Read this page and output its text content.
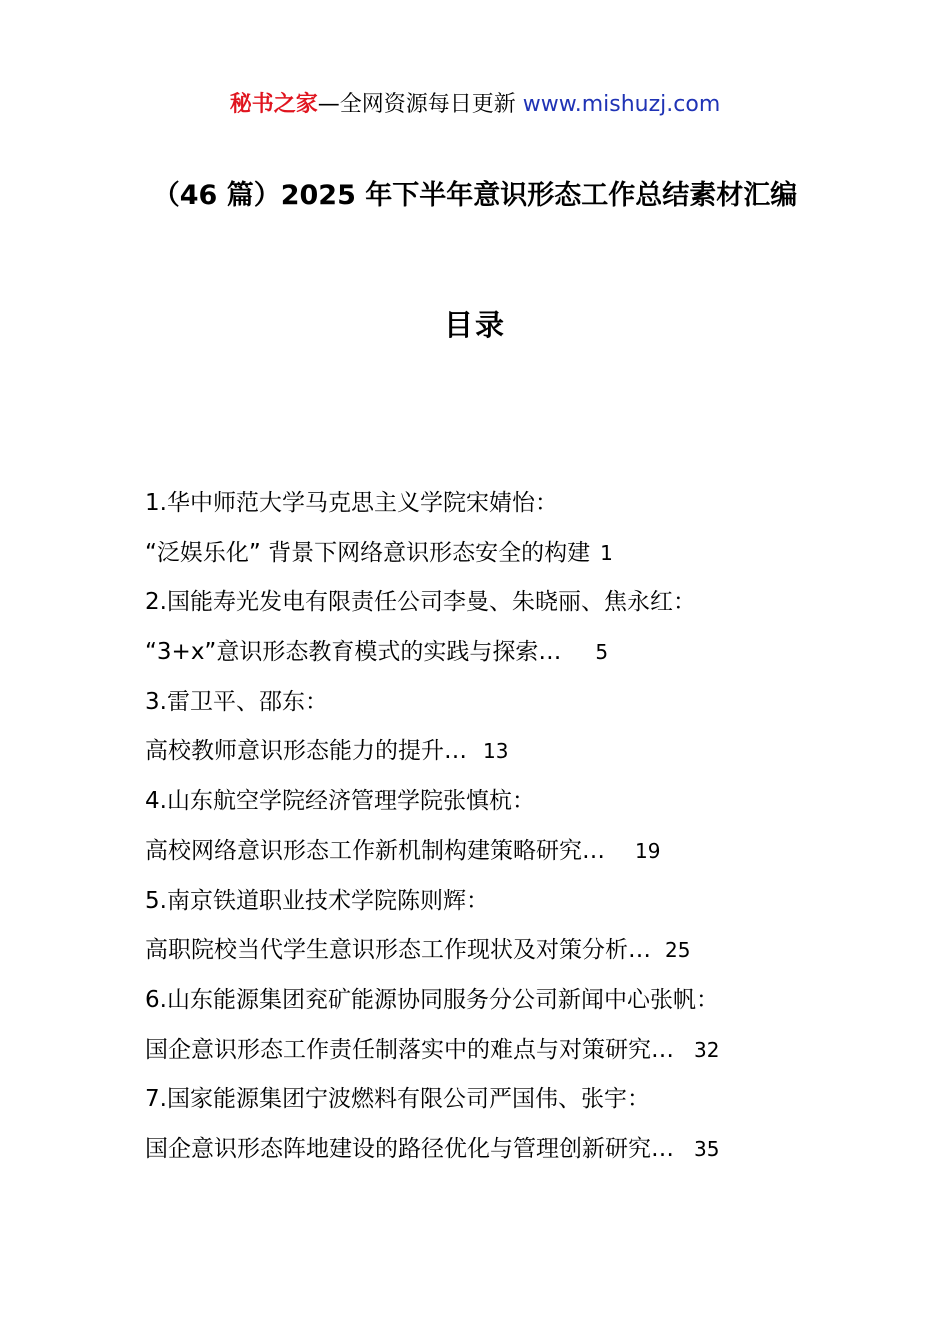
秘书之家—全网资源每日更新 www.mishuzj.com
（46 篇）2025 年下半年意识形态工作总结素材汇编
目录
1.华中师范大学马克思主义学院宋婧怡：
“泛娱乐化” 背景下网络意识形态安全的构建 1
2.国能寿光发电有限责任公司李曼、朱晓丽、焦永红：
“3+x”意识形态教育模式的实践与探索… 5
3.雷卫平、邵东：
高校教师意识形态能力的提升… 13
4.山东航空学院经济管理学院张慎杭：
高校网络意识形态工作新机制构建策略研究… 19
5.南京铁道职业技术学院陈则辉：
高职院校当代学生意识形态工作现状及对策分析… 25
6.山东能源集团兖矿能源协同服务分公司新闻中心张帆：
国企意识形态工作责任制落实中的难点与对策研究… 32
7.国家能源集团宁波燃料有限公司严国伟、张宇：
国企意识形态阵地建设的路径优化与管理创新研究… 35
